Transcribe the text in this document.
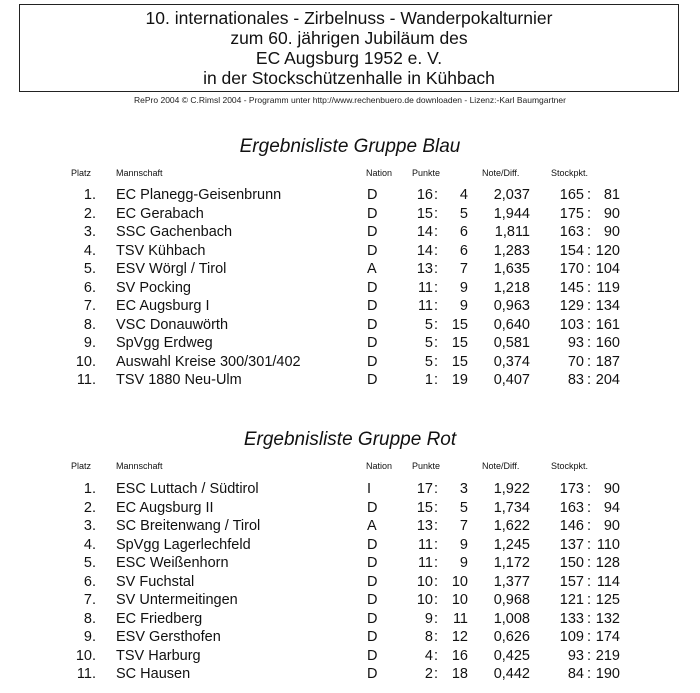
10. internationales - Zirbelnuss - Wanderpokalturnier
zum 60. jährigen Jubiläum des
EC Augsburg 1952 e. V.
in der Stockschützenhalle in Kühbach
RePro 2004 © C.Rimsl 2004 - Programm unter http://www.rechenbuero.de downloaden - Lizenz:-Karl Baumgartner
Ergebnisliste Gruppe Blau
Platz	Mannschaft	Nation Punkte	Note/Diff.	Stockpkt.
1. EC Planegg-Geisenbrunn	D	16 :	4	2,037	165 : 81
2. EC Gerabach	D	15 :	5	1,944	175 : 90
3. SSC Gachenbach	D	14 :	6	1,811	163 : 90
4. TSV Kühbach	D	14 :	6	1,283	154 : 120
5. ESV Wörgl / Tirol	A	13 :	7	1,635	170 : 104
6. SV Pocking	D	11 :	9	1,218	145 : 119
7. EC Augsburg I	D	11 :	9	0,963	129 : 134
8. VSC Donauwörth	D	5 : 15	0,640	103 : 161
9. SpVgg Erdweg	D	5 : 15	0,581	93 : 160
10. Auswahl Kreise 300/301/402	D	5 : 15	0,374	70 : 187
11. TSV 1880 Neu-Ulm	D	1 : 19	0,407	83 : 204
Ergebnisliste Gruppe Rot
Platz	Mannschaft	Nation Punkte	Note/Diff.	Stockpkt.
1. ESC Luttach / Südtirol	I	17 :	3	1,922	173 : 90
2. EC Augsburg II	D	15 :	5	1,734	163 : 94
3. SC Breitenwang / Tirol	A	13 :	7	1,622	146 : 90
4. SpVgg Lagerlechfeld	D	11 :	9	1,245	137 : 110
5. ESC Weißenhorn	D	11 :	9	1,172	150 : 128
6. SV Fuchstal	D	10 : 10	1,377	157 : 114
7. SV Untermeitingen	D	10 : 10	0,968	121 : 125
8. EC Friedberg	D	9 :	11	1,008	133 : 132
9. ESV Gersthofen	D	8 : 12	0,626	109 : 174
10. TSV Harburg	D	4 : 16	0,425	93 : 219
11. SC Hausen	D	2 : 18	0,442	84 : 190
